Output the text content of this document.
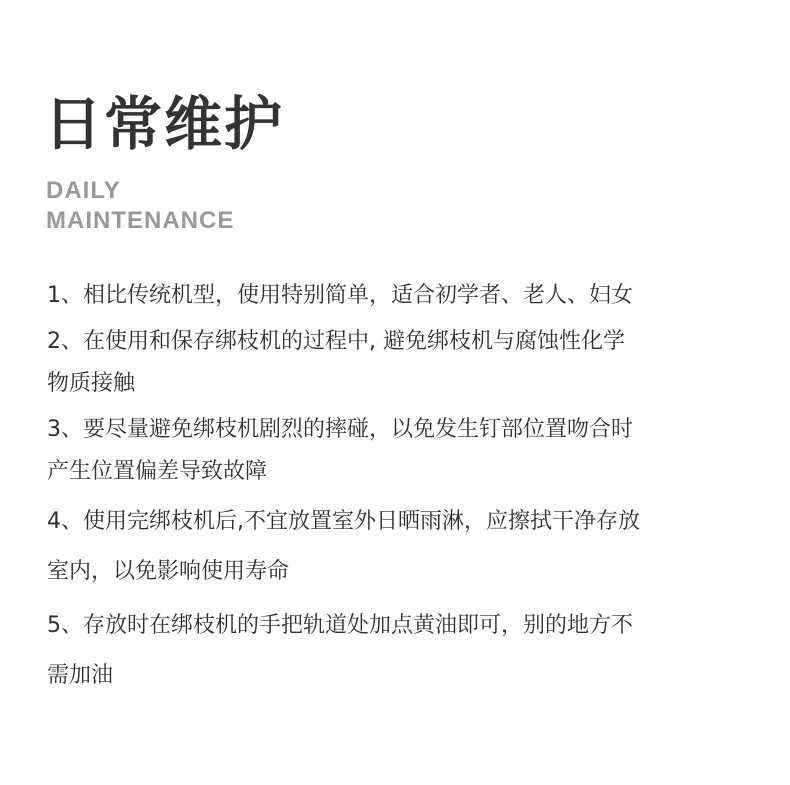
日常维护
DAILY
MAINTENANCE
1、相比传统机型，使用特别简单，适合初学者、老人、妇女
2、在使用和保存绑枝机的过程中, 避免绑枝机与腐蚀性化学
物质接触
3、要尽量避免绑枝机剧烈的摔碰，以免发生钉部位置吻合时
产生位置偏差导致故障
4、使用完绑枝机后,不宜放置室外日晒雨淋，应擦拭干净存放
室内，以免影响使用寿命
5、存放时在绑枝机的手把轨道处加点黄油即可，别的地方不
需加油
